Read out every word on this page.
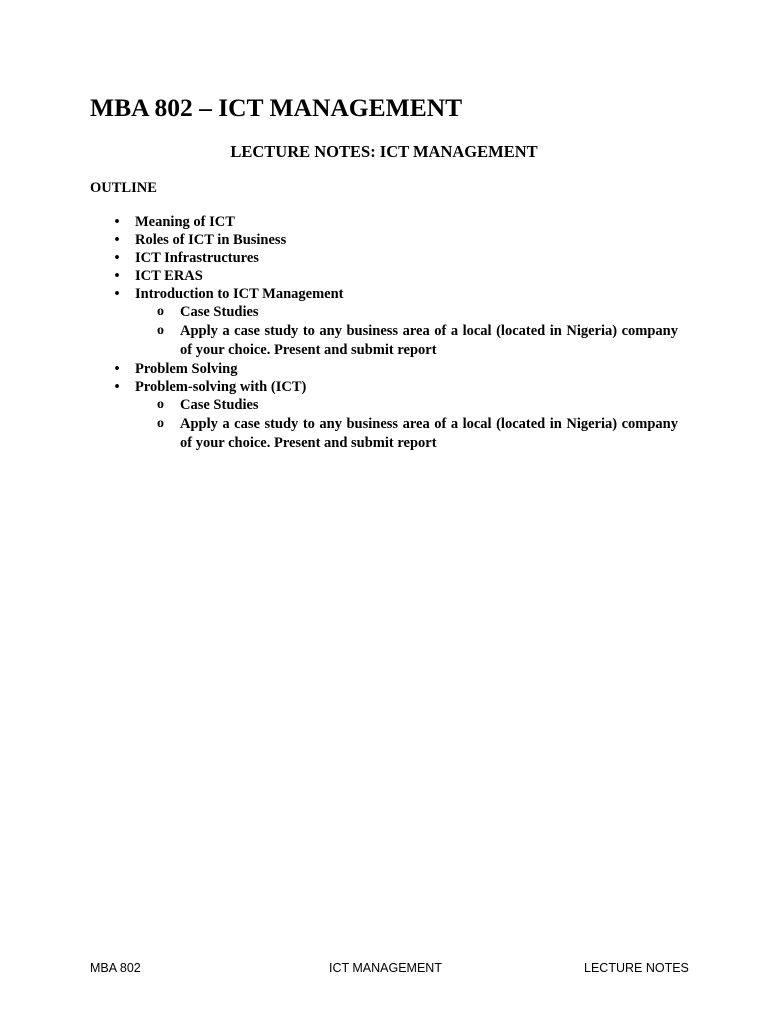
MBA 802 – ICT MANAGEMENT
LECTURE NOTES: ICT MANAGEMENT
OUTLINE
• Meaning of ICT
• Roles of ICT in Business
• ICT Infrastructures
• ICT ERAS
• Introduction to ICT Management
o Case Studies
o Apply a case study to any business area of a local (located in Nigeria) company of your choice. Present and submit report
• Problem Solving
• Problem-solving with (ICT)
o Case Studies
o Apply a case study to any business area of a local (located in Nigeria) company of your choice. Present and submit report
MBA 802	ICT MANAGEMENT	LECTURE NOTES
